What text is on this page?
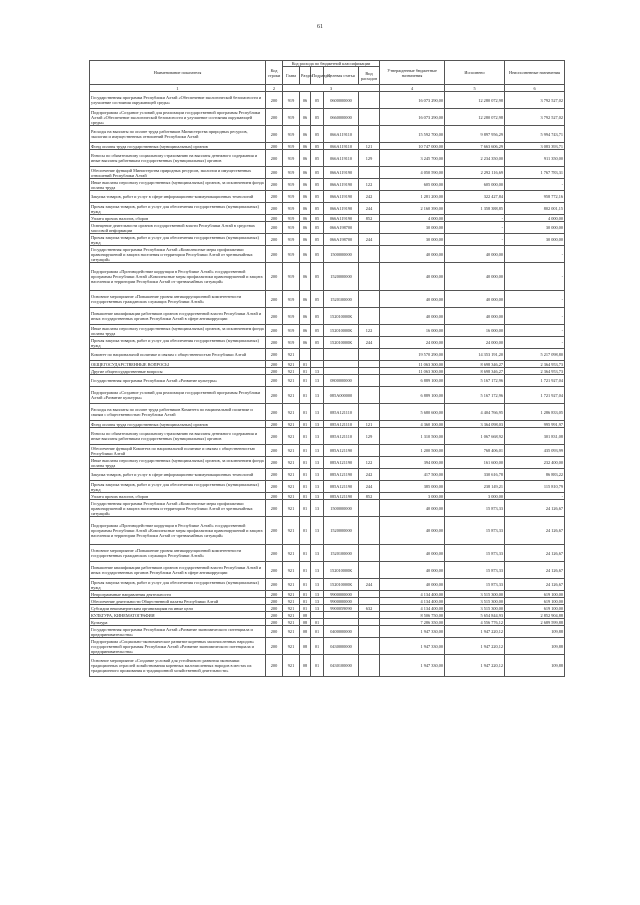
61
Наименование показателя	Код строки	Код расхода по бюджетной классификации					Утвержденные бюджетные назначения	Исполнено	Неисполненные назначения
		Глава	Раздел	Подраздел	Целевая статья	Вид расходов			
1	2	3					4	5	6
Государственная программа Республики Алтай «Обеспечение экологической безопасности и улучшение состояния окружающей среды»	200	919	06	05	0600000000		16 073 290,00	12 280 072,98	3 792 527,02
Подпрограмма «Создание условий для реализации государственной программы Республики Алтай «Обеспечение экологической безопасности и улучшение состояния окружающей среды»	200	919	06	05	0660000000		16 073 290,00	12 280 072,98	3 792 527,02
Расходы на выплаты по оплате труда работников Министерства природных ресурсов, экологии и имущественных отношений Республики Алтай	200	919	06	05	066A119110		15 592 700,00	9 897 956,29	5 994 743,71
Фонд оплаты труда государственных (муниципальных) органов	200	919	06	05	066A119110	121	10 747 000,00	7 663 606,29	3 083 393,71
Взносы по обязательному социальному страхованию на выплаты денежного содержания и иные выплаты работникам государственных (муниципальных) органов	200	919	06	05	066A119110	129	3 245 700,00	2 234 350,00	911 350,00
Обеспечение функций Министерства природных ресурсов, экологии и имущественных отношений Республики Алтай	200	919	06	05	066A119190		4 050 590,00	2 292 116,69	1 767 783,31
Иные выплаты персоналу государственных (муниципальных) органов, за исключением фонда оплаты труда	200	919	06	05	066A119190	122	605 000,00	605 000,00	-
Закупка товаров, работ и услуг в сфере информационно-коммуникационных технологий	200	919	06	05	066A119190	242	1 281 200,00	322 427,84	958 772,16
Прочая закупка товаров, работ и услуг для обеспечения государственных (муниципальных) нужд	200	919	06	05	066A119190	244	2 160 390,00	1 358 388,85	802 001,15
Уплата прочих налогов, сборов	200	919	06	05	066A119190	852	4 000,00	-	4 000,00
Освещение деятельности органов государственной власти Республики Алтай в средствах массовой информации	200	919	06	05	066A198700		30 000,00	-	30 000,00
Прочая закупка товаров, работ и услуг для обеспечения государственных (муниципальных) нужд	200	919	06	05	066A198700	244	30 000,00	-	30 000,00
Государственная программа Республики Алтай «Комплексные меры профилактики правонарушений и защита населения и территории Республики Алтай от чрезвычайных ситуаций»	200	919	06	05	1500000000		40 000,00	40 000,00	-
Подпрограмма «Противодействие коррупции в Республике Алтай» государственной программы Республики Алтай «Комплексные меры профилактики правонарушений и защита населения и территории Республики Алтай от чрезвычайных ситуаций»	200	919	06	05	1520000000		40 000,00	40 000,00	-
Основное мероприятие «Повышение уровня антикоррупционной компетентности государственных гражданских служащих Республики Алтай»	200	919	06	05	1520100000		40 000,00	40 000,00	-
Повышение квалификации работников органов государственной власти Республики Алтай и иных государственных органов Республики Алтай в сфере антикоррупции	200	919	06	05	152010000К		40 000,00	40 000,00	-
Иные выплаты персоналу государственных (муниципальных) органов, за исключением фонда оплаты труда	200	919	06	05	152010000К	122	16 000,00	16 000,00	-
Прочая закупка товаров, работ и услуг для обеспечения государственных (муниципальных) нужд	200	919	06	05	152010000К	244	24 000,00	24 000,00	-
Комитет по национальной политике и связям с общественностью Республики Алтай	200	921					19 570 290,00	14 353 191,20	5 217 098,80
ОБЩЕГОСУДАРСТВЕННЫЕ ВОПРОСЫ	200	921	01				11 063 300,00	8 698 346,27	2 364 953,73
Другие общегосударственные вопросы	200	921	01	13			11 063 300,00	8 698 346,27	2 364 953,73
Государственная программа Республики Алтай «Развитие культуры»	200	921	01	13	0800000000		6 889 100,00	5 167 172,96	1 721 927,04
Подпрограмма «Создание условий для реализации государственной программы Республики Алтай «Развитие культуры»	200	921	01	13	085A000000		6 889 100,00	5 167 172,96	1 721 927,04
Расходы на выплаты по оплате труда работников Комитета по национальной политике и связям с общественностью Республики Алтай	200	921	01	13	085A121110		5 680 600,00	4 404 766,95	1 286 833,05
Фонд оплаты труда государственных (муниципальных) органов	200	921	01	13	085A121110	121	4 360 100,00	3 364 098,03	995 991,97
Взносы по обязательному социальному страхованию на выплаты денежного содержания и иные выплаты работникам государственных (муниципальных) органов	200	921	01	13	085A121110	129	1 310 500,00	1 067 668,92	301 831,08
Обеспечение функций Комитета по национальной политике и связям с общественностью Республики Алтай	200	921	01	13	085A121190		1 200 500,00	768 406,01	435 093,99
Иные выплаты персоналу государственных (муниципальных) органов, за исключением фонда оплаты труда	200	921	01	13	085A121190	122	394 000,00	161 600,00	232 400,00
Закупка товаров, работ и услуг в сфере информационно-коммуникационных технологий	200	921	01	13	085A121190	242	417 500,00	330 616,78	86 883,22
Прочая закупка товаров, работ и услуг для обеспечения государственных (муниципальных) нужд	200	921	01	13	085A121190	244	385 000,00	238 149,21	115 810,79
Уплата прочих налогов, сборов	200	921	01	13	085A121190	852	3 000,00	3 000,00	-
Государственная программа Республики Алтай «Комплексные меры профилактики правонарушений и защита населения и территории Республики Алтай от чрезвычайных ситуаций»	200	921	01	13	1500000000		40 000,00	15 873,33	24 126,67
Подпрограмма «Противодействие коррупции в Республике Алтай» государственной программы Республики Алтай «Комплексные меры профилактики правонарушений и защита населения и территории Республики Алтай от чрезвычайных ситуаций»	200	921	01	13	1520000000		40 000,00	15 873,33	24 126,67
Основное мероприятие «Повышение уровня антикоррупционной компетентности государственных гражданских служащих Республики Алтай»	200	921	01	13	1520100000		40 000,00	15 873,33	24 126,67
Повышение квалификации работников органов государственной власти Республики Алтай и иных государственных органов Республики Алтай в сфере антикоррупции	200	921	01	13	152010000К		40 000,00	15 873,33	24 126,67
Прочая закупка товаров, работ и услуг для обеспечения государственных (муниципальных) нужд	200	921	01	13	152010000К	244	40 000,00	15 873,33	24 126,67
Непрограммные направления деятельности	200	921	01	13	9900000000		4 134 400,00	3 515 300,00	619 100,00
Обеспечение деятельности Общественной палаты Республики Алтай	200	921	01	13	9900000000		4 134 400,00	3 515 300,00	619 100,00
Субсидии некоммерческим организациям на иные цели	200	921	01	13	9900059090	632	4 134 400,00	3 515 300,00	619 100,00
КУЛЬТУРА, КИНЕМАТОГРАФИЯ	200	921	08				8 506 750,00	5 654 844,93	2 852 904,88
Культура	200	921	08	01			7 286 350,00	4 556 776,12	2 689 599,88
Государственная программа Республики Алтай «Развитие экономического потенциала и предпринимательства»	200	921	08	01	0400000000		1 947 330,00	1 947 220,12	109,88
Подпрограмма «Социально-экономическое развитие коренных малочисленных народов» государственной программы Республики Алтай «Развитие экономического потенциала и предпринимательства»	200	921	08	01	0430000000		1 947 330,00	1 947 220,12	109,88
Основное мероприятие «Создание условий для устойчивого развития экономики традиционных отраслей хозяйствования коренных малочисленных народов в местах их традиционного проживания и традиционной хозяйственной деятельности»	200	921	08	01	0430100000		1 947 330,00	1 947 220,12	109,88
